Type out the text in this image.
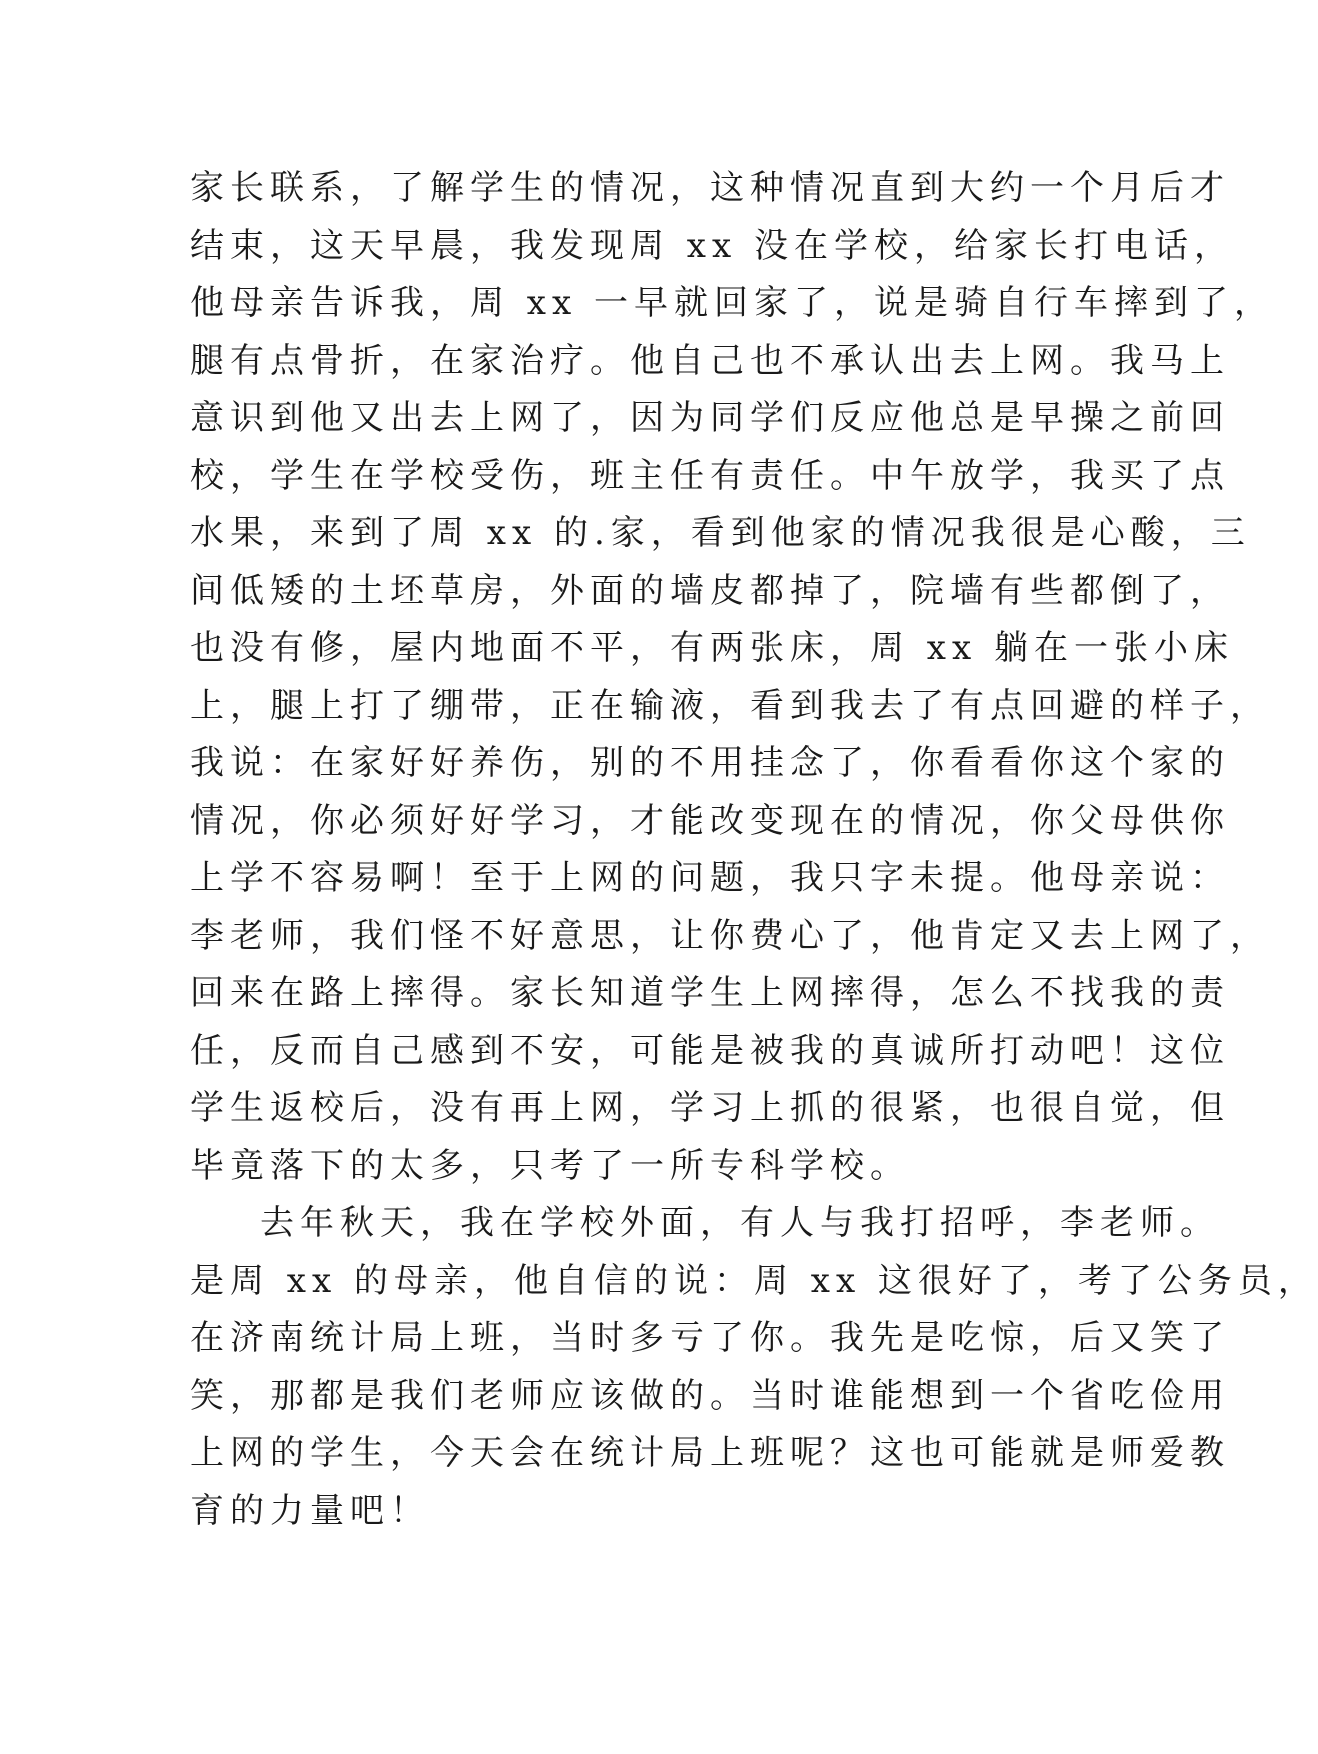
家长联系，了解学生的情况，这种情况直到大约一个月后才
结束，这天早晨，我发现周 xx 没在学校，给家长打电话，
他母亲告诉我，周 xx 一早就回家了，说是骑自行车摔到了，
腿有点骨折，在家治疗。他自己也不承认出去上网。我马上
意识到他又出去上网了，因为同学们反应他总是早操之前回
校，学生在学校受伤，班主任有责任。中午放学，我买了点
水果，来到了周 xx 的.家，看到他家的情况我很是心酸，三
间低矮的土坯草房，外面的墙皮都掉了，院墙有些都倒了，
也没有修，屋内地面不平，有两张床，周 xx 躺在一张小床
上，腿上打了绷带，正在输液，看到我去了有点回避的样子，
我说：在家好好养伤，别的不用挂念了，你看看你这个家的
情况，你必须好好学习，才能改变现在的情况，你父母供你
上学不容易啊！至于上网的问题，我只字未提。他母亲说：
李老师，我们怪不好意思，让你费心了，他肯定又去上网了，
回来在路上摔得。家长知道学生上网摔得，怎么不找我的责
任，反而自己感到不安，可能是被我的真诚所打动吧！这位
学生返校后，没有再上网，学习上抓的很紧，也很自觉，但
毕竟落下的太多，只考了一所专科学校。
去年秋天，我在学校外面，有人与我打招呼，李老师。
是周 xx 的母亲，他自信的说：周 xx 这很好了，考了公务员，
在济南统计局上班，当时多亏了你。我先是吃惊，后又笑了
笑，那都是我们老师应该做的。当时谁能想到一个省吃俭用
上网的学生，今天会在统计局上班呢？这也可能就是师爱教
育的力量吧！
